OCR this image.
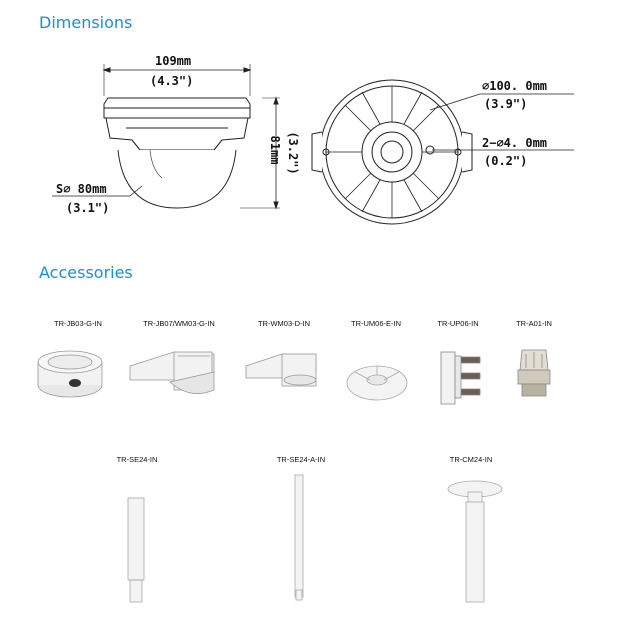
Dimensions
Accessories
109mm
(4.3")
81mm (3.2")
S∅ 80mm
(3.1")
∅100. 0mm
(3.9")
2−∅4. 0mm
(0.2")
TR-JB03-G-IN	TR-JB07/WM03-G-IN	TR-WM03-D-IN	TR-UM06-E-IN	TR-UP06-IN	TR-A01-IN
TR-SE24-IN	TR-SE24-A-IN	TR-CM24-IN
